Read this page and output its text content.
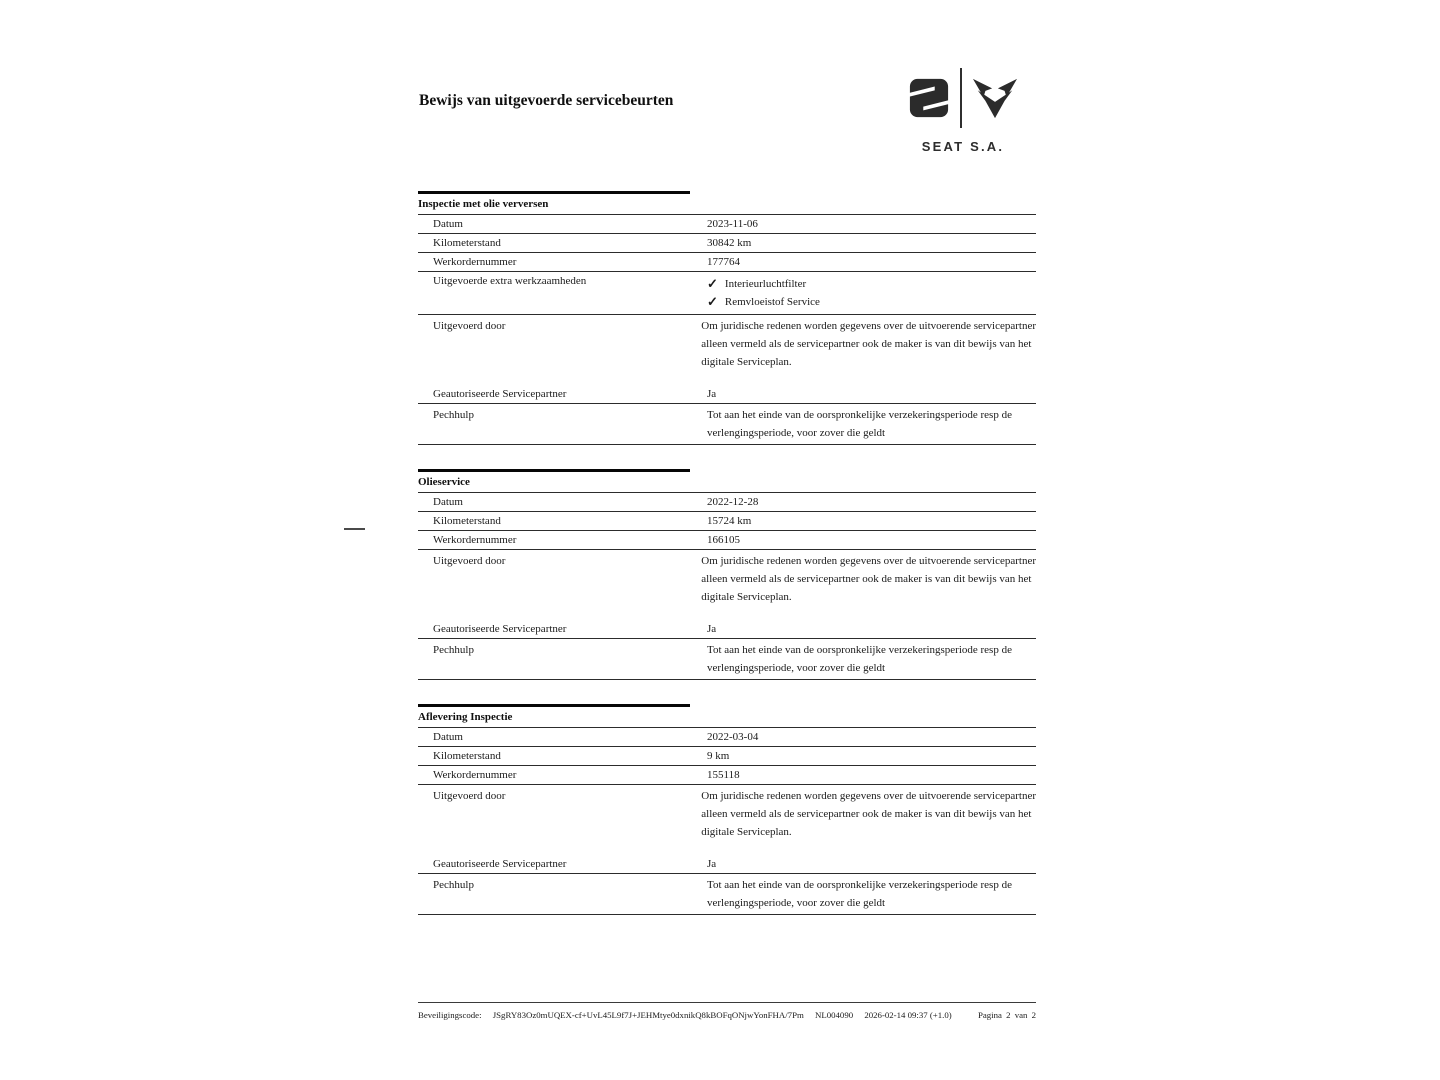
Bewijs van uitgevoerde servicebeurten
SEAT S.A.
Inspectie met olie verversen
Datum	2023-11-06
Kilometerstand	30842 km
Werkordernummer	177764
Uitgevoerde extra werkzaamheden	✓ Interieurluchtfilter
✓ Remvloeistof Service
Uitgevoerd door	Om juridische redenen worden gegevens over de uitvoerende servicepartner
alleen vermeld als de servicepartner ook de maker is van dit bewijs van het
digitale Serviceplan.
Geautoriseerde Servicepartner	Ja
Pechhulp	Tot aan het einde van de oorspronkelijke verzekeringsperiode resp de
verlengingsperiode, voor zover die geldt
Olieservice
Datum	2022-12-28
Kilometerstand	15724 km
Werkordernummer	166105
Uitgevoerd door	Om juridische redenen worden gegevens over de uitvoerende servicepartner
alleen vermeld als de servicepartner ook de maker is van dit bewijs van het
digitale Serviceplan.
Geautoriseerde Servicepartner	Ja
Pechhulp	Tot aan het einde van de oorspronkelijke verzekeringsperiode resp de
verlengingsperiode, voor zover die geldt
Aflevering Inspectie
Datum	2022-03-04
Kilometerstand	9 km
Werkordernummer	155118
Uitgevoerd door	Om juridische redenen worden gegevens over de uitvoerende servicepartner
alleen vermeld als de servicepartner ook de maker is van dit bewijs van het
digitale Serviceplan.
Geautoriseerde Servicepartner	Ja
Pechhulp	Tot aan het einde van de oorspronkelijke verzekeringsperiode resp de
verlengingsperiode, voor zover die geldt
Beveiligingscode: JSgRY83Oz0mUQEX-cf+UvL45L9f7J+JEHMtye0dxnikQ8kBOFqONjwYonFHA/7Pm NL004090 2026-02-14 09:37 (+1.0)	Pagina 2 van 2
